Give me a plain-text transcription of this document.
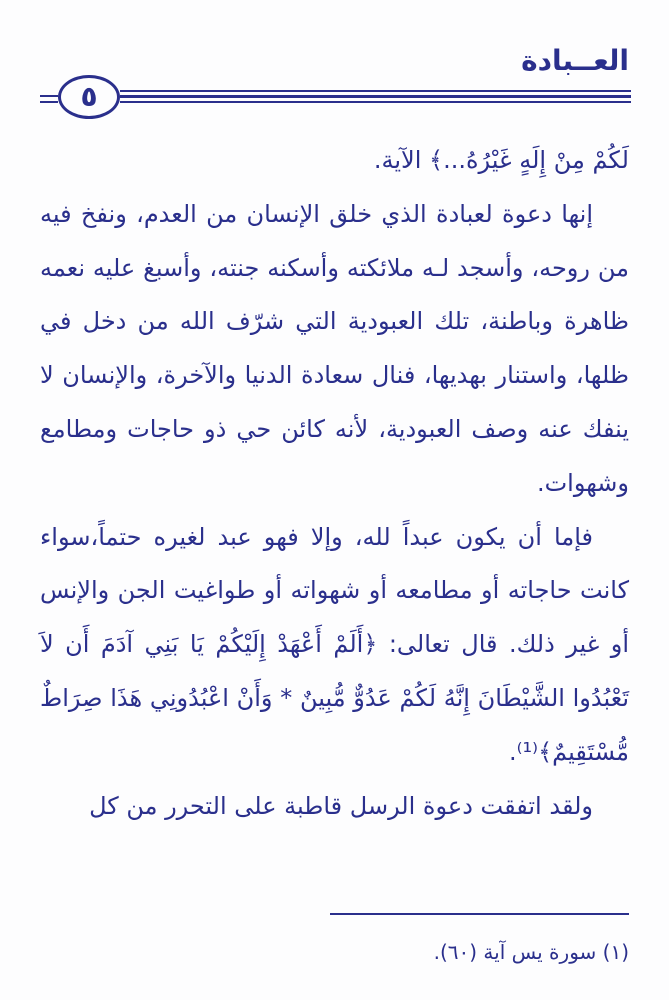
العــبادة
٥

لَكُمْ مِنْ إِلَهٍ غَيْرُهُ...﴾ الآية.

إنها دعوة لعبادة الذي خلق الإنسان من العدم، ونفخ فيه من روحه، وأسجد لـه ملائكته وأسكنه جنته، وأسبغ عليه نعمه ظاهرة وباطنة، تلك العبودية التي شرّف الله من دخل في ظلها، واستنار بهديها، فنال سعادة الدنيا والآخرة، والإنسان لا ينفك عنه وصف العبودية، لأنه كائن حي ذو حاجات ومطامع وشهوات.

فإما أن يكون عبداً لله، وإلا فهو عبد لغيره حتماً،سواء كانت حاجاته أو مطامعه أو شهواته أو طواغيت الجن والإنس أو غير ذلك. قال تعالى: ﴿أَلَمْ أَعْهَدْ إِلَيْكُمْ يَا بَنِي آدَمَ أَن لاَ تَعْبُدُوا الشَّيْطَانَ إِنَّهُ لَكُمْ عَدُوٌّ مُّبِينٌ * وَأَنْ اعْبُدُونِي هَذَا صِرَاطٌ مُّسْتَقِيمٌ﴾⁽¹⁾.

ولقد اتفقت دعوة الرسل قاطبة على التحرر من كل

(١) سورة يس آية (٦٠).
